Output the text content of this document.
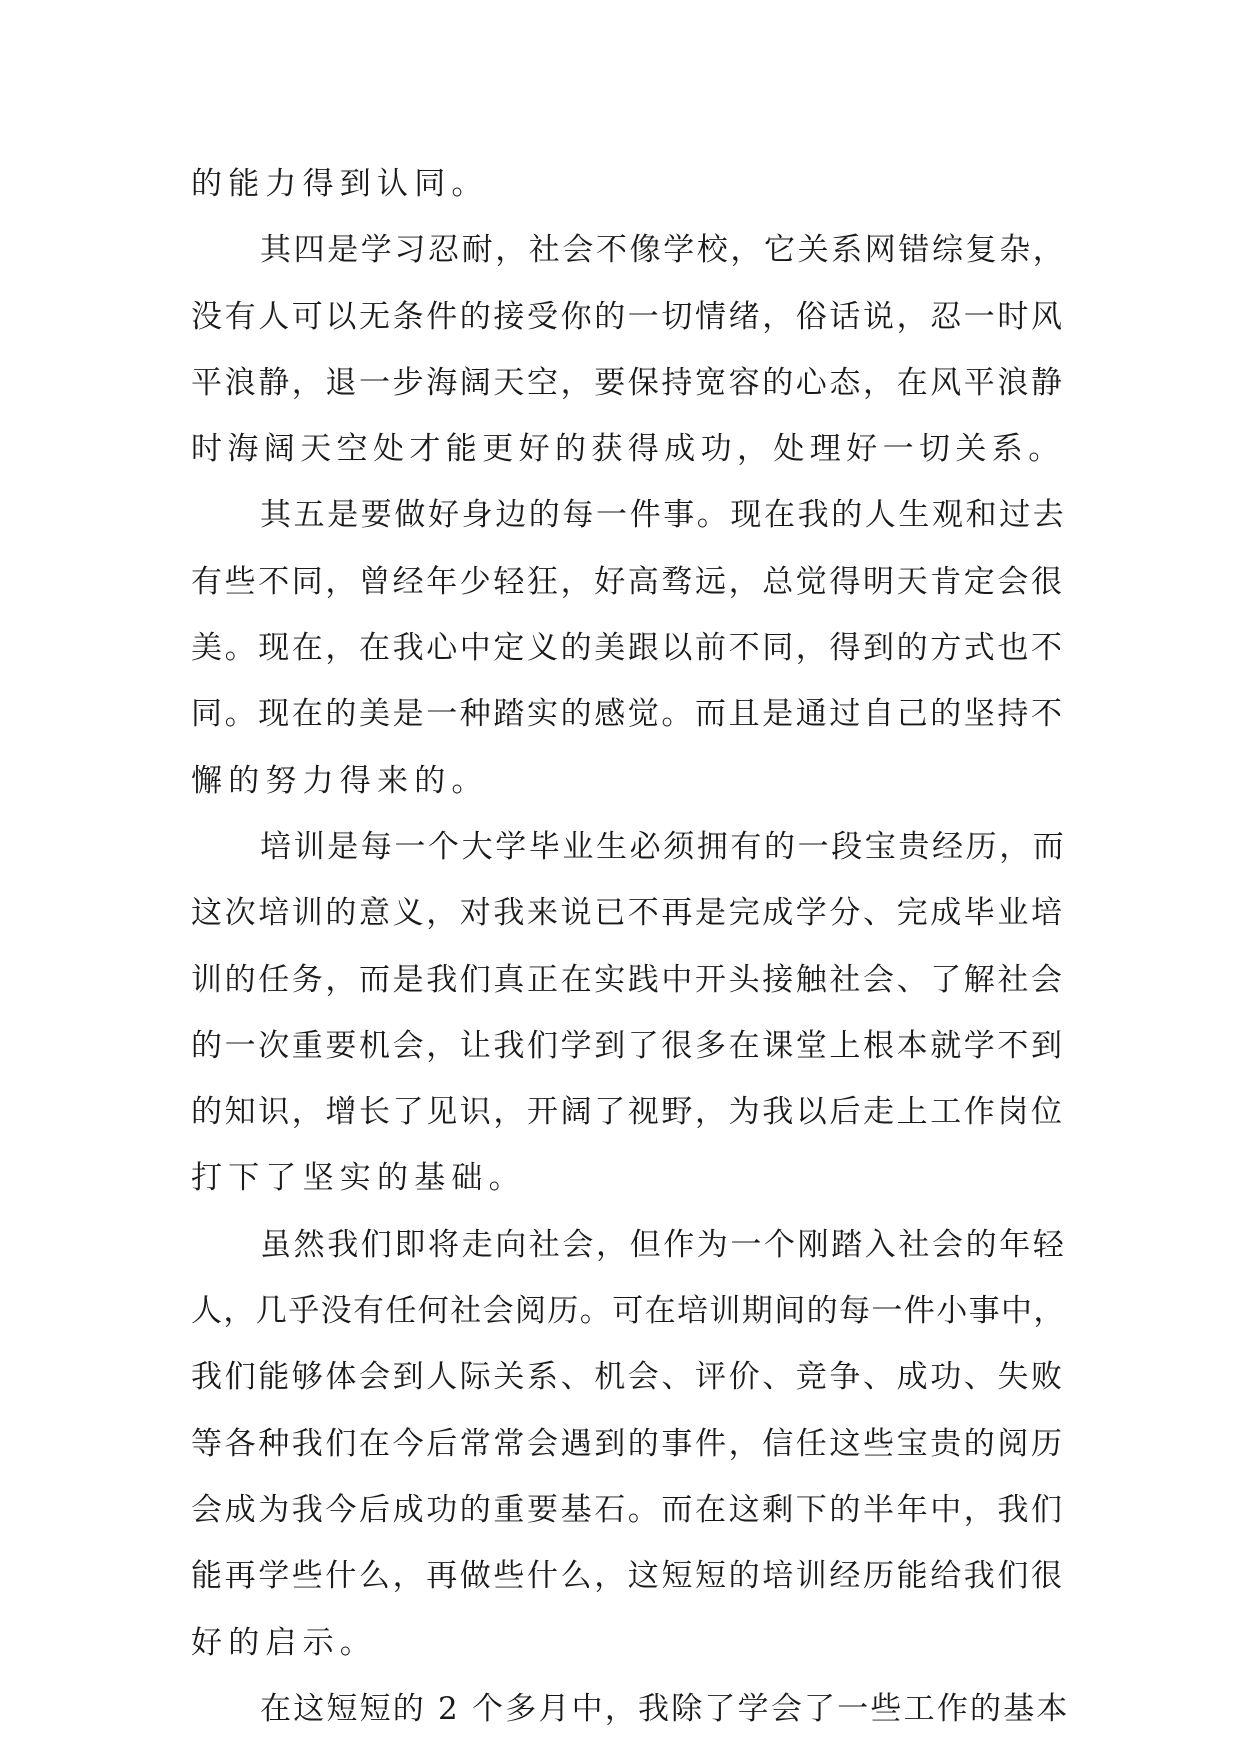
的能力得到认同。
其四是学习忍耐，社会不像学校，它关系网错综复杂，
没有人可以无条件的接受你的一切情绪，俗话说，忍一时风
平浪静，退一步海阔天空，要保持宽容的心态，在风平浪静
时海阔天空处才能更好的获得成功，处理好一切关系。
其五是要做好身边的每一件事。现在我的人生观和过去
有些不同，曾经年少轻狂，好高骛远，总觉得明天肯定会很
美。现在，在我心中定义的美跟以前不同，得到的方式也不
同。现在的美是一种踏实的感觉。而且是通过自己的坚持不
懈的努力得来的。
培训是每一个大学毕业生必须拥有的一段宝贵经历，而
这次培训的意义，对我来说已不再是完成学分、完成毕业培
训的任务，而是我们真正在实践中开头接触社会、了解社会
的一次重要机会，让我们学到了很多在课堂上根本就学不到
的知识，增长了见识，开阔了视野，为我以后走上工作岗位
打下了坚实的基础。
虽然我们即将走向社会，但作为一个刚踏入社会的年轻
人，几乎没有任何社会阅历。可在培训期间的每一件小事中，
我们能够体会到人际关系、机会、评价、竞争、成功、失败
等各种我们在今后常常会遇到的事件，信任这些宝贵的阅历
会成为我今后成功的重要基石。而在这剩下的半年中，我们
能再学些什么，再做些什么，这短短的培训经历能给我们很
好的启示。
在这短短的 2 个多月中，我除了学会了一些工作的基本
